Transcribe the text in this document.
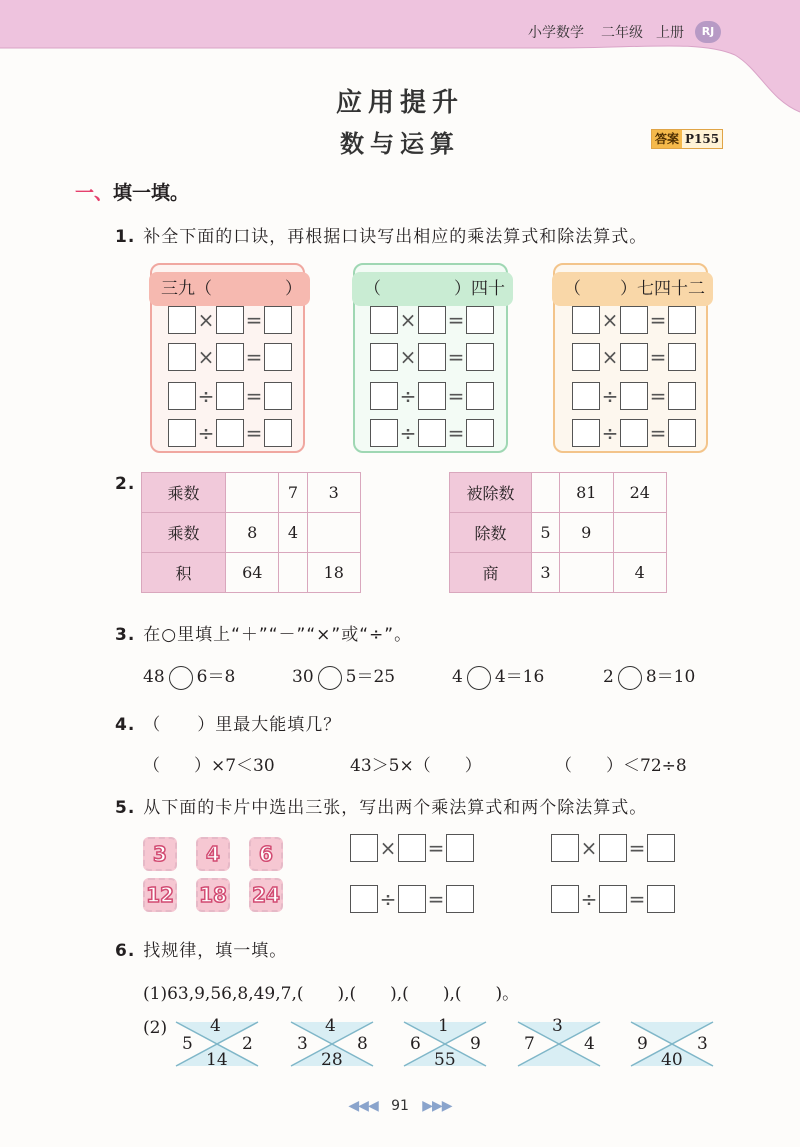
小学数学 二年级 上册	RJ
应用提升
数与运算	答案 P155
一、填一填。
1. 补全下面的口诀，再根据口诀写出相应的乘法算式和除法算式。
三九（	）	（	）四十	（ ）七四十二
× =
× =
÷ =
÷ =
× =
× =
÷ =
÷ =
× =
× =
÷ =
÷ =
2.	乘数		7	3
乘数	8	4	
积	64		18
被除数		81	24
除数	5	9	
商	3		4
3. 在○里填上“＋”“－”“×”或“÷”。
48 6＝8	30 5＝25	4 4＝16	2 8＝10
4. （　　）里最大能填几？
（　　）×7＜30	43＞5×（　　）	（　　）＜72÷8
5. 从下面的卡片中选出三张，写出两个乘法算式和两个除法算式。
3 4 6
12 18 24
× =	× =
÷ =	÷ =
6. 找规律，填一填。
(1)63,9,56,8,49,7,(　　),(　　),(　　),(　　)。
(2)	4
5	2
14
4
3	8
28
1
6	9
55
3
7	4 9	3
40
◀◀◀ 91 ▶▶▶
